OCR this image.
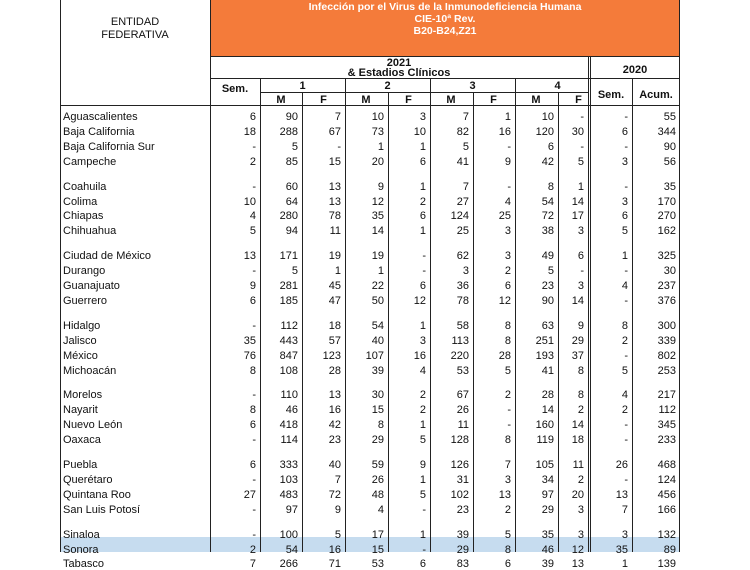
ENTIDAD
FEDERATIVA
Infección por el Virus de la Inmunodeficiencia Humana
CIE-10ª Rev.
B20-B24,Z21
2021
& Estadios Clínicos	2020
Sem.	Sem.	Acum.
1
M	F
2
M	F
3
M	F
4
M	F
Aguascalientes	6	90	7	10	3	7	1	10	-	-	55
Baja California	18	288	67	73	10	82	16	120	30	6	344
Baja California Sur	-	5	-	1	1	5	-	6	-	-	90
Campeche	2	85	15	20	6	41	9	42	5	3	56
Coahuila	-	60	13	9	1	7	-	8	1	-	35
Colima	10	64	13	12	2	27	4	54	14	3	170
Chiapas	4	280	78	35	6	124	25	72	17	6	270
Chihuahua	5	94	11	14	1	25	3	38	3	5	162
Ciudad de México	13	171	19	19	-	62	3	49	6	1	325
Durango	-	5	1	1	-	3	2	5	-	-	30
Guanajuato	9	281	45	22	6	36	6	23	3	4	237
Guerrero	6	185	47	50	12	78	12	90	14	-	376
Hidalgo	-	112	18	54	1	58	8	63	9	8	300
Jalisco	35	443	57	40	3	113	8	251	29	2	339
México	76	847	123	107	16	220	28	193	37	-	802
Michoacán	8	108	28	39	4	53	5	41	8	5	253
Morelos	-	110	13	30	2	67	2	28	8	4	217
Nayarit	8	46	16	15	2	26	-	14	2	2	112
Nuevo León	6	418	42	8	1	11	-	160	14	-	345
Oaxaca	-	114	23	29	5	128	8	119	18	-	233
Puebla	6	333	40	59	9	126	7	105	11	26	468
Querétaro	-	103	7	26	1	31	3	34	2	-	124
Quintana Roo	27	483	72	48	5	102	13	97	20	13	456
San Luis Potosí	-	97	9	4	-	23	2	29	3	7	166
Sinaloa	-	100	5	17	1	39	5	35	3	3	132
Sonora	2	54	16	15	-	29	8	46	12	35	89
Tabasco	7	266	71	53	6	83	6	39	13	1	139
